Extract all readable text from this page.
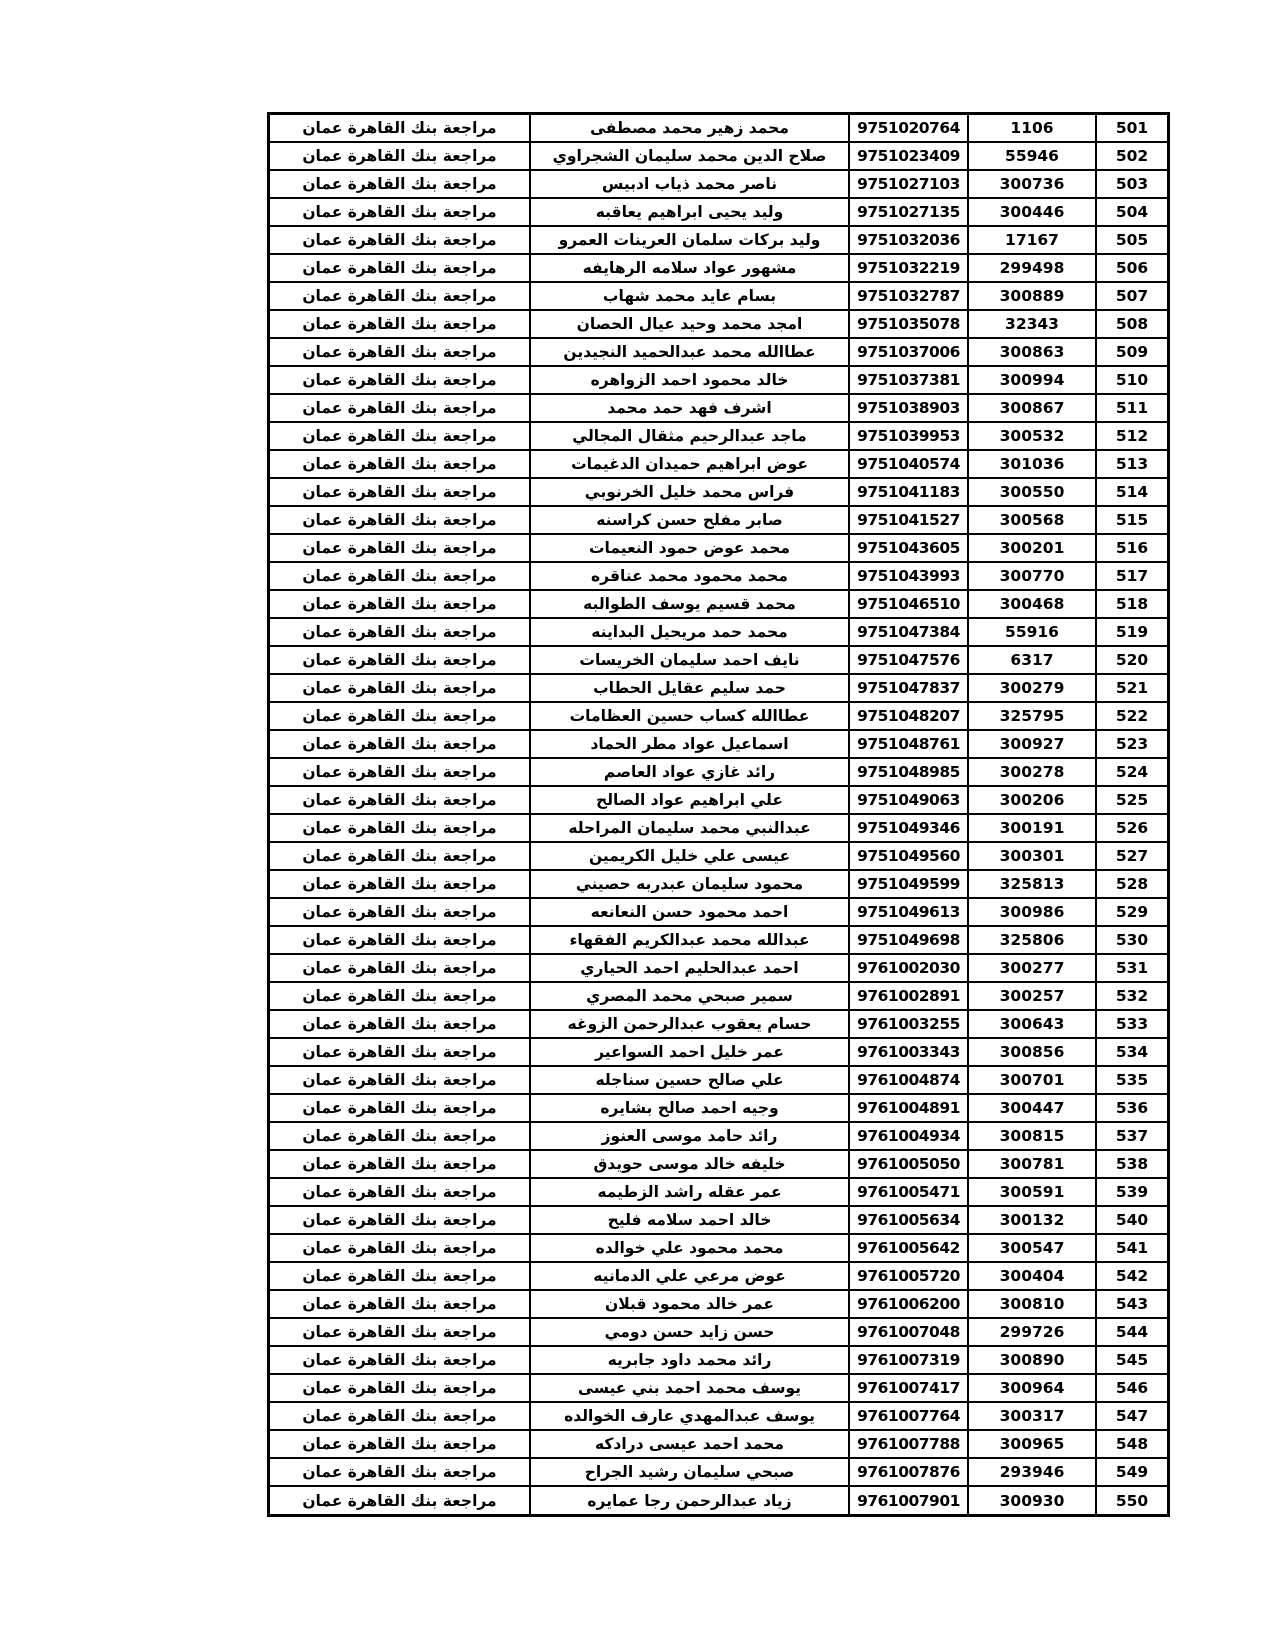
مراجعة بنك القاهرة عمان	محمد زهير محمد مصطفى	9751020764	1106	501
مراجعة بنك القاهرة عمان	صلاح الدين محمد سليمان الشجراوي	9751023409	55946	502
مراجعة بنك القاهرة عمان	ناصر محمد ذياب ادبيس	9751027103	300736	503
مراجعة بنك القاهرة عمان	وليد يحيى ابراهيم يعاقبه	9751027135	300446	504
مراجعة بنك القاهرة عمان	وليد بركات سلمان العرينات العمرو	9751032036	17167	505
مراجعة بنك القاهرة عمان	مشهور عواد سلامه الرهايفه	9751032219	299498	506
مراجعة بنك القاهرة عمان	بسام عايد محمد شهاب	9751032787	300889	507
مراجعة بنك القاهرة عمان	امجد محمد وحيد عيال الحصان	9751035078	32343	508
مراجعة بنك القاهرة عمان	عطاالله محمد عبدالحميد النجيدين	9751037006	300863	509
مراجعة بنك القاهرة عمان	خالد محمود احمد الزواهره	9751037381	300994	510
مراجعة بنك القاهرة عمان	اشرف فهد حمد محمد	9751038903	300867	511
مراجعة بنك القاهرة عمان	ماجد عبدالرحيم مثقال المجالي	9751039953	300532	512
مراجعة بنك القاهرة عمان	عوض ابراهيم حميدان الدغيمات	9751040574	301036	513
مراجعة بنك القاهرة عمان	فراس محمد خليل الخرنوبي	9751041183	300550	514
مراجعة بنك القاهرة عمان	صابر مفلح حسن كراسنه	9751041527	300568	515
مراجعة بنك القاهرة عمان	محمد عوض حمود النعيمات	9751043605	300201	516
مراجعة بنك القاهرة عمان	محمد محمود محمد عناقره	9751043993	300770	517
مراجعة بنك القاهرة عمان	محمد قسيم يوسف الطوالبه	9751046510	300468	518
مراجعة بنك القاهرة عمان	محمد حمد مريحيل البداينه	9751047384	55916	519
مراجعة بنك القاهرة عمان	نايف احمد سليمان الخريسات	9751047576	6317	520
مراجعة بنك القاهرة عمان	حمد سليم عقايل الحطاب	9751047837	300279	521
مراجعة بنك القاهرة عمان	عطاالله كساب حسين العظامات	9751048207	325795	522
مراجعة بنك القاهرة عمان	اسماعيل عواد مطر الحماد	9751048761	300927	523
مراجعة بنك القاهرة عمان	رائد غازي عواد العاصم	9751048985	300278	524
مراجعة بنك القاهرة عمان	علي ابراهيم عواد الصالح	9751049063	300206	525
مراجعة بنك القاهرة عمان	عبدالنبي محمد سليمان المراحله	9751049346	300191	526
مراجعة بنك القاهرة عمان	عيسى علي خليل الكريمين	9751049560	300301	527
مراجعة بنك القاهرة عمان	محمود سليمان عبدربه حصيني	9751049599	325813	528
مراجعة بنك القاهرة عمان	احمد محمود حسن النعانعه	9751049613	300986	529
مراجعة بنك القاهرة عمان	عبدالله محمد عبدالكريم الفقهاء	9751049698	325806	530
مراجعة بنك القاهرة عمان	احمد عبدالحليم احمد الحياري	9761002030	300277	531
مراجعة بنك القاهرة عمان	سمير صبحي محمد المصري	9761002891	300257	532
مراجعة بنك القاهرة عمان	حسام يعقوب عبدالرحمن الزوغه	9761003255	300643	533
مراجعة بنك القاهرة عمان	عمر خليل احمد السواعير	9761003343	300856	534
مراجعة بنك القاهرة عمان	علي صالح حسين سناجله	9761004874	300701	535
مراجعة بنك القاهرة عمان	وجيه احمد صالح بشايره	9761004891	300447	536
مراجعة بنك القاهرة عمان	رائد حامد موسى العنوز	9761004934	300815	537
مراجعة بنك القاهرة عمان	خليفه خالد موسى حويدق	9761005050	300781	538
مراجعة بنك القاهرة عمان	عمر عقله راشد الزطيمه	9761005471	300591	539
مراجعة بنك القاهرة عمان	خالد احمد سلامه فليح	9761005634	300132	540
مراجعة بنك القاهرة عمان	محمد محمود علي خوالده	9761005642	300547	541
مراجعة بنك القاهرة عمان	عوض مرعي علي الدمانيه	9761005720	300404	542
مراجعة بنك القاهرة عمان	عمر خالد محمود قبلان	9761006200	300810	543
مراجعة بنك القاهرة عمان	حسن زايد حسن دومي	9761007048	299726	544
مراجعة بنك القاهرة عمان	رائد محمد داود جابريه	9761007319	300890	545
مراجعة بنك القاهرة عمان	يوسف محمد احمد بني عيسى	9761007417	300964	546
مراجعة بنك القاهرة عمان	يوسف عبدالمهدي عارف الخوالده	9761007764	300317	547
مراجعة بنك القاهرة عمان	محمد احمد عيسى درادكه	9761007788	300965	548
مراجعة بنك القاهرة عمان	صبحي سليمان رشيد الجراح	9761007876	293946	549
مراجعة بنك القاهرة عمان	زياد عبدالرحمن رجا عمايره	9761007901	300930	550
